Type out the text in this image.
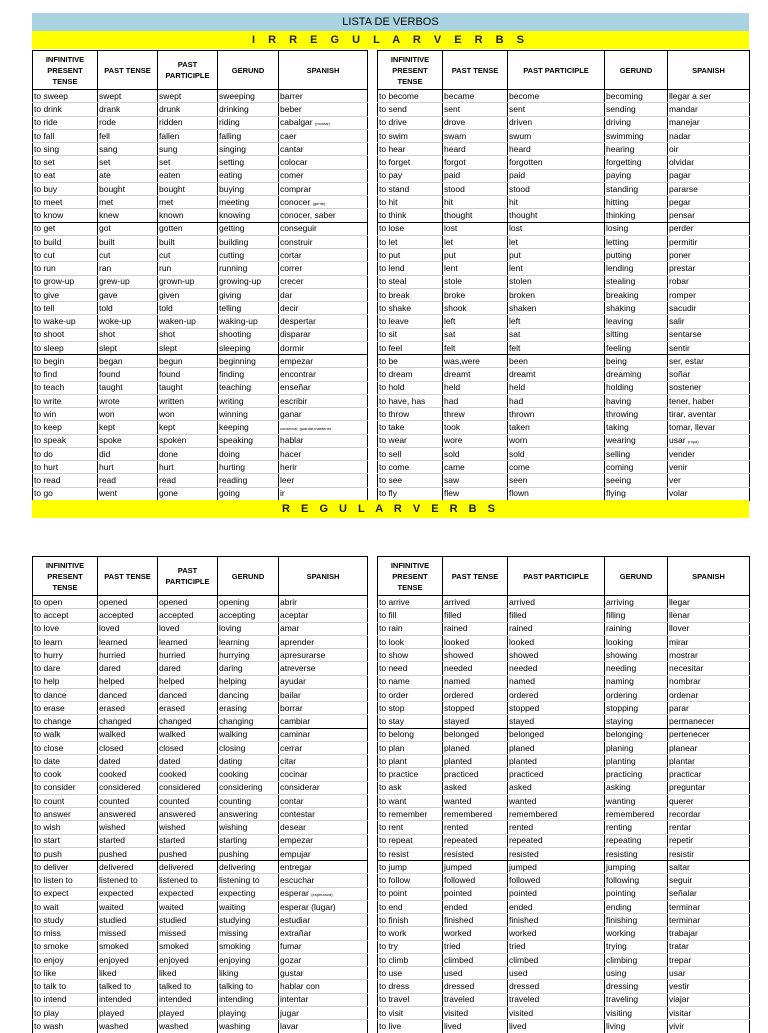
LISTA DE VERBOS
I R R E G U L A R V E R B S
INFINITIVE PRESENT TENSE	PAST TENSE	PAST PARTICIPLE	GERUND	SPANISH
to sweep	swept	swept	sweeping	barrer
to drink	drank	drunk	drinking	beber
to ride	rode	ridden	riding	cabalgar (montar)
to fall	fell	fallen	falling	caer
to sing	sang	sung	singing	cantar
to set	set	set	setting	colocar
to eat	ate	eaten	eating	comer
to buy	bought	bought	buying	comprar
to meet	met	met	meeting	conocer (gente)
to know	knew	known	knowing	conocer, saber
to get	got	gotten	getting	conseguir
to build	built	built	building	construir
to cut	cut	cut	cutting	cortar
to run	ran	run	running	correr
to grow-up	grew-up	grown-up	growing-up	crecer
to give	gave	given	giving	dar
to tell	told	told	telling	decir
to wake-up	woke-up	waken-up	waking-up	despertar
to shoot	shot	shot	shooting	disparar
to sleep	slept	slept	sleeping	dormir
to begin	began	begun	beginning	empezar
to find	found	found	finding	encontrar
to teach	taught	taught	teaching	enseñar
to write	wrote	written	writing	escribir
to win	won	won	winning	ganar
to keep	kept	kept	keeping	conservar, guardar,mantener
to speak	spoke	spoken	speaking	hablar
to do	did	done	doing	hacer
to hurt	hurt	hurt	hurting	herir
to read	read	read	reading	leer
to go	went	gone	going	ir
INFINITIVE PRESENT TENSE	PAST TENSE	PAST PARTICIPLE	GERUND	SPANISH
to become	became	become	becoming	llegar a ser
to send	sent	sent	sending	mandar
to drive	drove	driven	driving	manejar
to swim	swam	swum	swimming	nadar
to hear	heard	heard	hearing	oir
to forget	forgot	forgotten	forgetting	olvidar
to pay	paid	paid	paying	pagar
to stand	stood	stood	standing	pararse
to hit	hit	hit	hitting	pegar
to think	thought	thought	thinking	pensar
to lose	lost	lost	losing	perder
to let	let	let	letting	permitir
to put	put	put	putting	poner
to lend	lent	lent	lending	prestar
to steal	stole	stolen	stealing	robar
to break	broke	broken	breaking	romper
to shake	shook	shaken	shaking	sacudir
to leave	left	left	leaving	salir
to sit	sat	sat	sitting	sentarse
to feel	felt	felt	feeling	sentir
to be	was,were	been	being	ser, estar
to dream	dreamt	dreamt	dreaming	soñar
to hold	held	held	holding	sostener
to have, has	had	had	having	tener, haber
to throw	threw	thrown	throwing	tirar, aventar
to take	took	taken	taking	tomar, llevar
to wear	wore	worn	wearing	usar (ropa)
to sell	sold	sold	selling	vender
to come	came	come	coming	venir
to see	saw	seen	seeing	ver
to fly	flew	flown	flying	volar
R E G U L A R V E R B S
INFINITIVE PRESENT TENSE	PAST TENSE	PAST PARTICIPLE	GERUND	SPANISH
to open	opened	opened	opening	abrir
to accept	accepted	accepted	accepting	aceptar
to love	loved	loved	loving	amar
to learn	learned	learned	learning	aprender
to hurry	hurried	hurried	hurrying	apresurarse
to dare	dared	dared	daring	atreverse
to help	helped	helped	helping	ayudar
to dance	danced	danced	dancing	bailar
to erase	erased	erased	erasing	borrar
to change	changed	changed	changing	cambiar
to walk	walked	walked	walking	caminar
to close	closed	closed	closing	cerrar
to date	dated	dated	dating	citar
to cook	cooked	cooked	cooking	cocinar
to consider	considered	considered	considering	considerar
to count	counted	counted	counting	contar
to answer	answered	answered	answering	contestar
to wish	wished	wished	wishing	desear
to start	started	started	starting	empezar
to push	pushed	pushed	pushing	empujar
to deliver	delivered	delivered	delivering	entregar
to listen to	listened to	listened to	listening to	escuchar
to expect	expected	expected	expecting	esperar (esperanza)
to wait	waited	waited	waiting	esperar (lugar)
to study	studied	studied	studying	estudiar
to miss	missed	missed	missing	extrañar
to smoke	smoked	smoked	smoking	fumar
to enjoy	enjoyed	enjoyed	enjoying	gozar
to like	liked	liked	liking	gustar
to talk to	talked to	talked to	talking to	hablar con
to intend	intended	intended	intending	intentar
to play	played	played	playing	jugar
to wash	washed	washed	washing	lavar
INFINITIVE PRESENT TENSE	PAST TENSE	PAST PARTICIPLE	GERUND	SPANISH
to arrive	arrived	arrived	arriving	llegar
to fill	filled	filled	filling	llenar
to rain	rained	rained	raining	llover
to look	looked	looked	looking	mirar
to show	showed	showed	showing	mostrar
to need	needed	needed	needing	necesitar
to name	named	named	naming	nombrar
to order	ordered	ordered	ordering	ordenar
to stop	stopped	stopped	stopping	parar
to stay	stayed	stayed	staying	permanecer
to belong	belonged	belonged	belonging	pertenecer
to plan	planed	planed	planing	planear
to plant	planted	planted	planting	plantar
to practice	practiced	practiced	practicing	practicar
to ask	asked	asked	asking	preguntar
to want	wanted	wanted	wanting	querer
to remember	remembered	remembered	remembered	recordar
to rent	rented	rented	renting	rentar
to repeat	repeated	repeated	repeating	repetir
to resist	resisted	resisted	resisting	resistir
to jump	jumped	jumped	jumping	saltar
to follow	followed	followed	following	seguir
to point	pointed	pointed	pointing	señalar
to end	ended	ended	ending	terminar
to finish	finished	finished	finishing	terminar
to work	worked	worked	working	trabajar
to try	tried	tried	trying	tratar
to climb	climbed	climbed	climbing	trepar
to use	used	used	using	usar
to dress	dressed	dressed	dressing	vestir
to travel	traveled	traveled	traveling	viajar
to visit	visited	visited	visiting	visitar
to live	lived	lived	living	vivir
